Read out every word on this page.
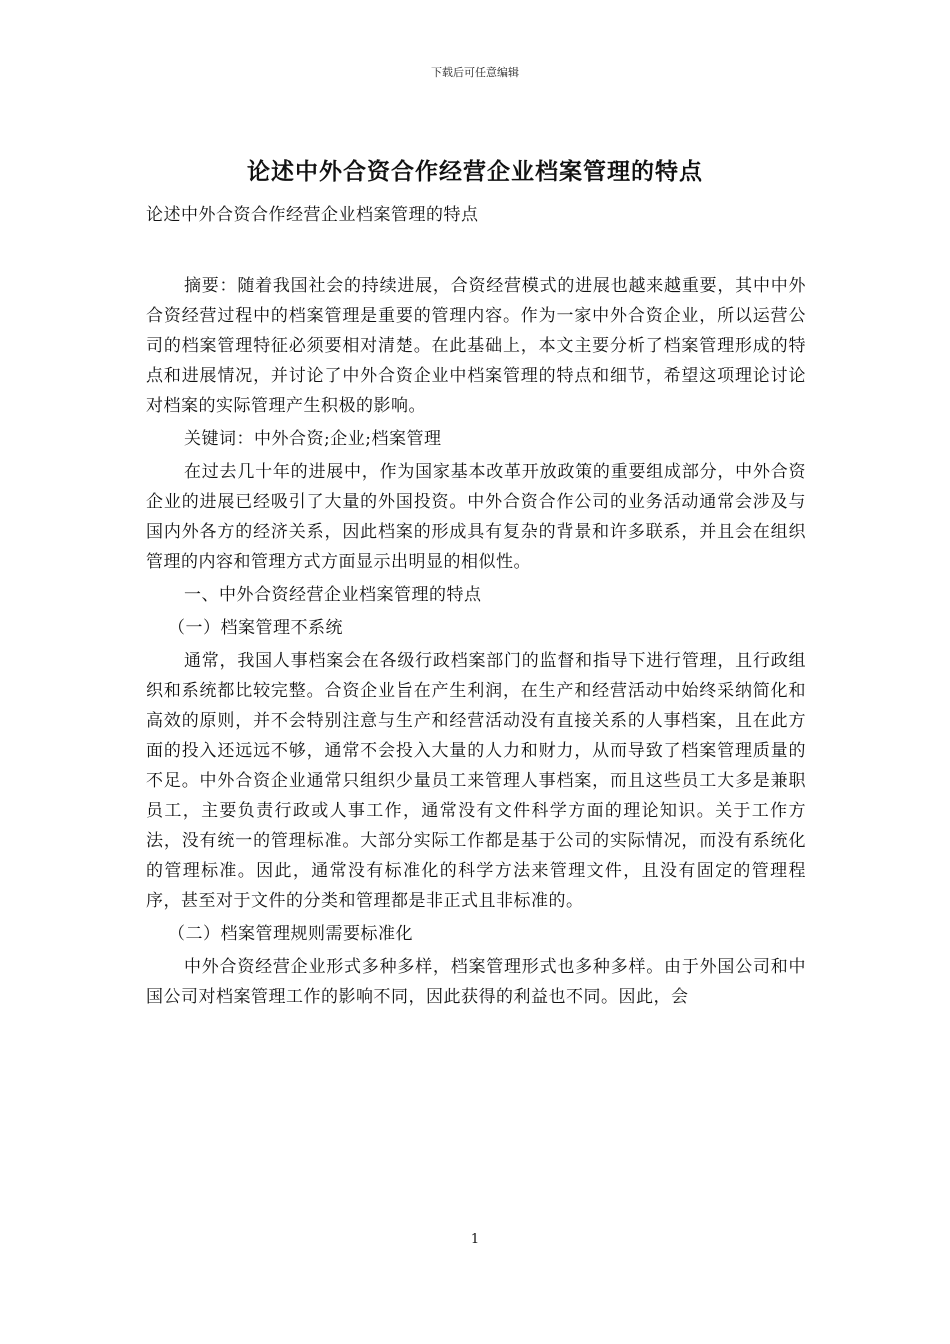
下载后可任意编辑
论述中外合资合作经营企业档案管理的特点
论述中外合资合作经营企业档案管理的特点

摘要：随着我国社会的持续进展，合资经营模式的进展也越来越重要，其中中外合资经营过程中的档案管理是重要的管理内容。作为一家中外合资企业，所以运营公司的档案管理特征必须要相对清楚。在此基础上，本文主要分析了档案管理形成的特点和进展情况，并讨论了中外合资企业中档案管理的特点和细节，希望这项理论讨论对档案的实际管理产生积极的影响。

关键词：中外合资;企业;档案管理

在过去几十年的进展中，作为国家基本改革开放政策的重要组成部分，中外合资企业的进展已经吸引了大量的外国投资。中外合资合作公司的业务活动通常会涉及与国内外各方的经济关系，因此档案的形成具有复杂的背景和许多联系，并且会在组织管理的内容和管理方式方面显示出明显的相似性。

一、中外合资经营企业档案管理的特点

（一）档案管理不系统

通常，我国人事档案会在各级行政档案部门的监督和指导下进行管理，且行政组织和系统都比较完整。合资企业旨在产生利润，在生产和经营活动中始终采纳简化和高效的原则，并不会特别注意与生产和经营活动没有直接关系的人事档案，且在此方面的投入还远远不够，通常不会投入大量的人力和财力，从而导致了档案管理质量的不足。中外合资企业通常只组织少量员工来管理人事档案，而且这些员工大多是兼职员工，主要负责行政或人事工作，通常没有文件科学方面的理论知识。关于工作方法，没有统一的管理标准。大部分实际工作都是基于公司的实际情况，而没有系统化的管理标准。因此，通常没有标准化的科学方法来管理文件，且没有固定的管理程序，甚至对于文件的分类和管理都是非正式且非标准的。

（二）档案管理规则需要标准化

中外合资经营企业形式多种多样，档案管理形式也多种多样。由于外国公司和中国公司对档案管理工作的影响不同，因此获得的利益也不同。因此，会

1
